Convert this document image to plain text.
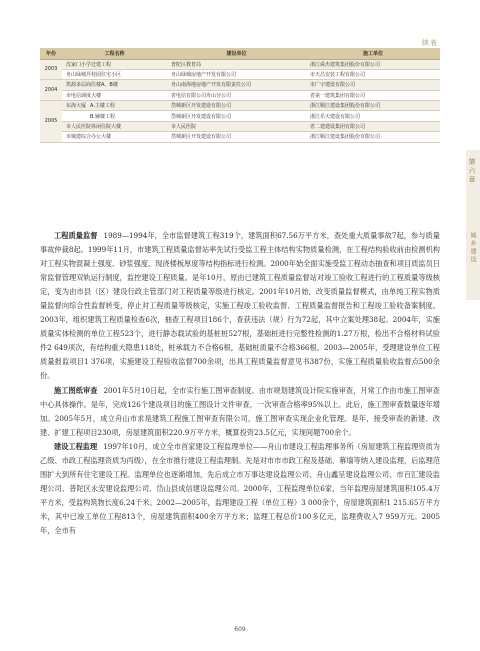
续表
年份	工程名称	建设单位	施工单位
2003	沈家门小学迁建工程	普陀区教育局	浙江舜杰建筑集团股份有限公司
	舟山绿城丹桂园住宅小区	舟山绿城房地产开发有限公司	市天昌安装工程有限公司
2004	凯源多层商住楼A、B楼	舟山南海地房地产开发有限责任公司	市广宇建设有限公司
	市电信调度大楼	省电信有限公司舟山分公司	省第一建筑集团有限公司
2005	东海大厦 A.主楼工程	岱城新区开发建设有限公司	浙江顺江建设集团股份有限公司
	B.辅楼工程	岱城新区开发建设有限公司	浙江乐天建设有限公司
	市人民医院休闲住院大楼	市人民医院	省二建建设集团有限公司
	市城建综合办公大楼	岱城新区开发建设有限公司	浙江顺江建设集团股份有限公司
第六章
城乡建设

工程质量监督 1989—1994年，全市监督建筑工程319个，建筑面积67.56万平方米，查处重大质量事故7起，参与质量事故仲裁8起。1999年11月，市建筑工程质量监督站率先试行受监工程主体结构实物质量检测，在工程结构验收前由检测机构对工程实物混凝土强度、砂浆强度、现浇楼板厚度等结构指标进行检测。2000年始全面实施受监工程动态抽查和项目质监员日常监督管理双轨运行制度，监控建设工程质量。是年10月，原由已建筑工程质量监督站对竣工验收工程进行的工程质量等级核定，变为由市县（区）建设行政主管部门对工程质量等级进行核定。2001年10月始，改变质量监督模式，由单纯工程实物质量监督向综合性监督转变，停止对工程质量等级核定，实施工程竣工验收监督、工程质量监督报告和工程竣工验收备案制度。2003年，组织建筑工程质量检查6次，抽查工程项目186个，查获违法（规）行为72起，其中立案处理38起。2004年，实施质量实体检测的单位工程523个，进行静态载试验的基桩桩527根，基础桩进行完整性检测的1.27万根，检出不合格材料试验件2 649项次，有结构重大隐患118处，桩承载力不合格6根，基础桩质量不合格366根。2003—2005年，受理建设单位工程质量报监项目1 376项，实施建设工程验收监督700余项，出具工程质量监督意见书387份，实施工程质量验收监督点500余份。

施工图纸审查 2001年5月10日起，全市实行施工图审查制度。由市规划建筑设计院实施审查，月常工作由市施工图审查中心具体操作。是年，完成126个建设项目的施工图设计文件审查，一次审查合格率95%以上。此后，施工图审查数量逐年增加。2005年5月，成立舟山市求是建筑工程施工图审查有限公司，施工图审查实现企业化管理。是年，接受审查的新建、改建、扩建工程项目230项，房屋建筑面积220.9万平方米，概算投资23.5亿元，实现间题700余个。

建设工程监理 1997年10月，成立全市首家建设工程监理单位——舟山市建设工程监理事务所（房屋建筑工程监理资质为乙级、市政工程监理资质为丙级），在全市推行建设工程监理制。先是对市市市政工程及基础、幕墙等纳入建设监理，后监理范围扩大到所有住宅建设工程。监理单位也逐渐增加，先后成立市万事达建设监理公司、舟山鑫呈建设监理公司、市百汇建设监理公司、普陀区永安建设监理公司、岱山县成信建设监理公司。2000年，工程监理单位6家，当年监理房屋建筑面积105.4万平方米，受监构筑物长度6.24千米。2002—2005年，监理建设工程（单位工程）3 000余个，房屋建筑面积1 215.65万平方米，其中已竣工单位工程813个，房屋建筑面积400余万平方米；监理工程总价100多亿元，监理费收入7 959万元。2005年，全市有

609
